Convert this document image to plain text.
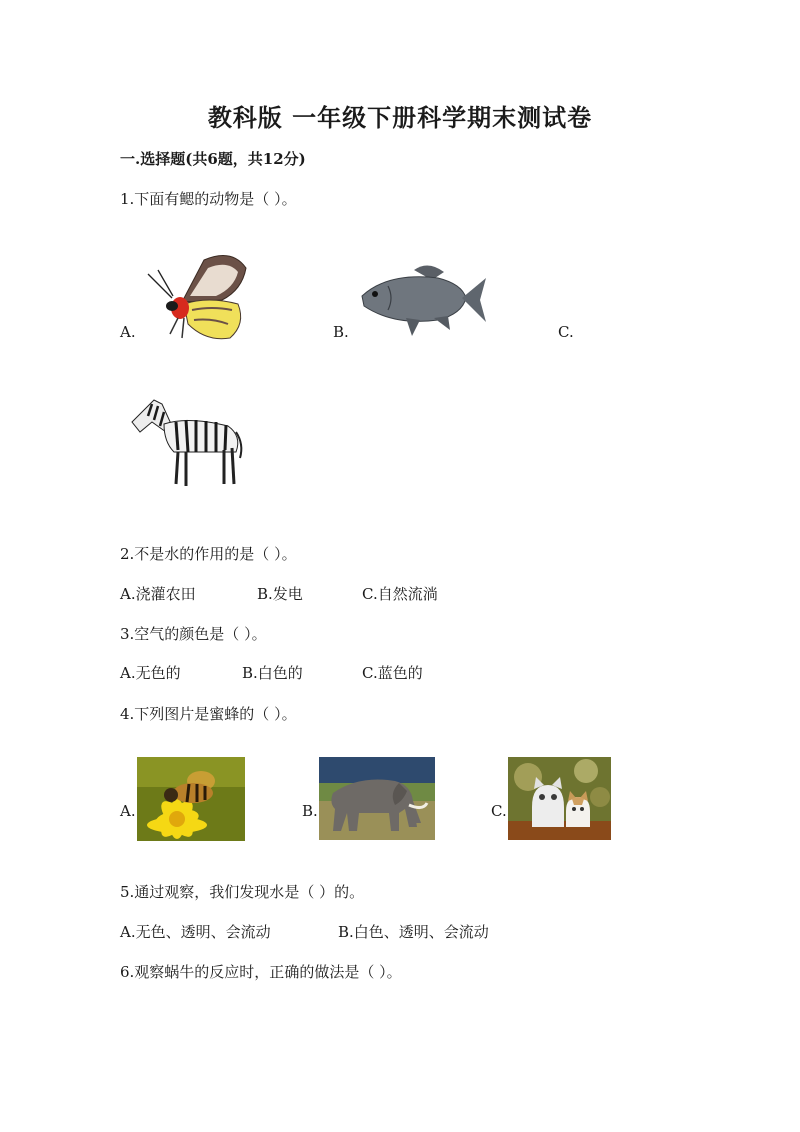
教科版 一年级下册科学期末测试卷
一.选择题(共6题，共12分)
1.下面有鳃的动物是（ ）。
A.	B.	C.
2.不是水的作用的是（ ）。
A.浇灌农田	B.发电	C.自然流淌
3.空气的颜色是（ ）。
A.无色的	B.白色的	C.蓝色的
4.下列图片是蜜蜂的（ ）。
A.	B.	C.
5.通过观察，我们发现水是（ ）的。
A.无色、透明、会流动	B.白色、透明、会流动
6.观察蜗牛的反应时，正确的做法是（ ）。
